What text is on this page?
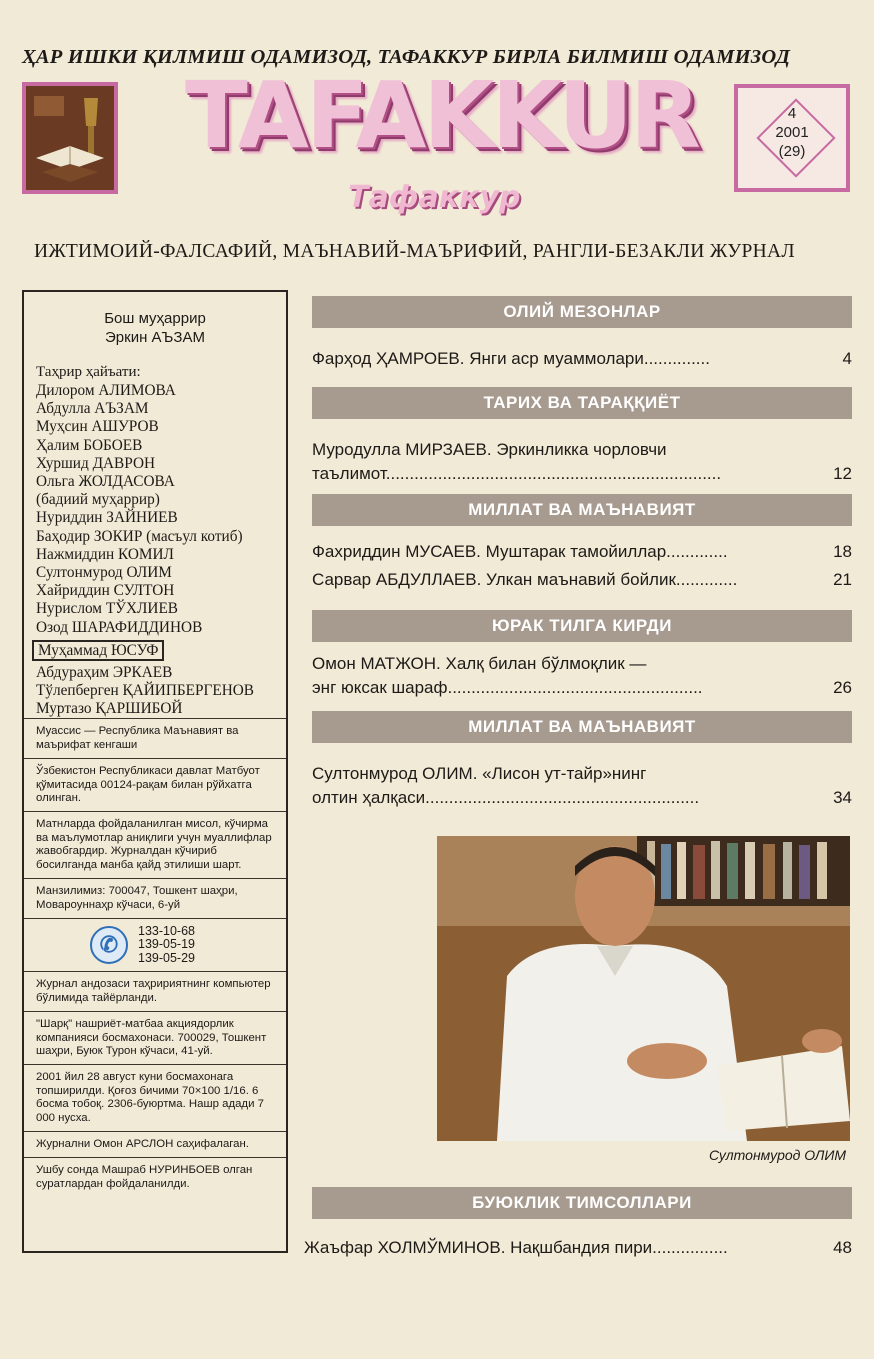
ҲАР ИШКИ ҚИЛМИШ ОДАМИЗОД, ТАФАККУР БИРЛА БИЛМИШ ОДАМИЗОД
TAFAKKUR
Тафаккур
4
2001
(29)
ИЖТИМОИЙ-ФАЛСАФИЙ, МАЪНАВИЙ-МАЪРИФИЙ, РАНГЛИ-БЕЗАКЛИ ЖУРНАЛ
Бош муҳаррир
Эркин АЪЗАМ
Таҳрир ҳайъати:
Дилором АЛИМОВА
Абдулла АЪЗАМ
Муҳсин АШУРОВ
Ҳалим БОБОЕВ
Хуршид ДАВРОН
Ольга ЖОЛДАСОВА
(бадиий муҳаррир)
Нуриддин ЗАЙНИЕВ
Баҳодир ЗОКИР (масъул котиб)
Нажмиддин КОМИЛ
Султонмурод ОЛИМ
Хайриддин СУЛТОН
Нурислом ТЎХЛИЕВ
Озод ШАРАФИДДИНОВ
Муҳаммад ЮСУФ
Абдураҳим ЭРКАЕВ
Тўлепберген ҚАЙИПБЕРГЕНОВ
Муртазо ҚАРШИБОЙ
Муассис — Республика Маънавият ва маърифат кенгаши
Ўзбекистон Республикаси давлат Матбуот қўмитасида 00124-рақам билан рўйхатга олинган.
Матнларда фойдаланилган мисол, кўчирма ва маълумотлар аниқлиги учун муаллифлар жавобгардир. Журналдан кўчириб босилганда манба қайд этилиши шарт.
Манзилимиз: 700047, Тошкент шаҳри, Мовароуннаҳр кўчаси, 6-уй
✆
133-10-68
139-05-19
139-05-29
Журнал андозаси таҳририятнинг компьютер бўлимида тайёрланди.
"Шарқ" нашриёт-матбаа акциядорлик компанияси босмахонаси. 700029, Тошкент шаҳри, Буюк Турон кўчаси, 41-уй.
2001 йил 28 август куни босмахонага топширилди. Қоғоз бичими 70×100 1/16. 6 босма тобоқ. 2306-буюртма. Нашр адади 7 000 нусха.
Журнални Омон АРСЛОН саҳифалаган.
Ушбу сонда Машраб НУРИНБОЕВ олган суратлардан фойдаланилди.
ОЛИЙ МЕЗОНЛАР
Фарҳод ҲАМРОЕВ. Янги аср муаммолари..............	4
ТАРИХ ВА ТАРАҚҚИЁТ
Муродулла МИРЗАЕВ. Эркинликка чорловчи
таълимот.......................................................................	12
МИЛЛАТ ВА МАЪНАВИЯТ
Фахриддин МУСАЕВ. Муштарак тамойиллар.............	18
Сарвар АБДУЛЛАЕВ. Улкан маънавий бойлик.............	21
ЮРАК ТИЛГА КИРДИ
Омон МАТЖОН. Халқ билан бўлмоқлик —
энг юксак шараф......................................................	26
МИЛЛАТ ВА МАЪНАВИЯТ
Султонмурод ОЛИМ. «Лисон ут-тайр»нинг
олтин ҳалқаси..........................................................	34
Султонмурод ОЛИМ
БУЮКЛИК ТИМСОЛЛАРИ
Жаъфар ХОЛМЎМИНОВ. Нақшбандия пири................	48
